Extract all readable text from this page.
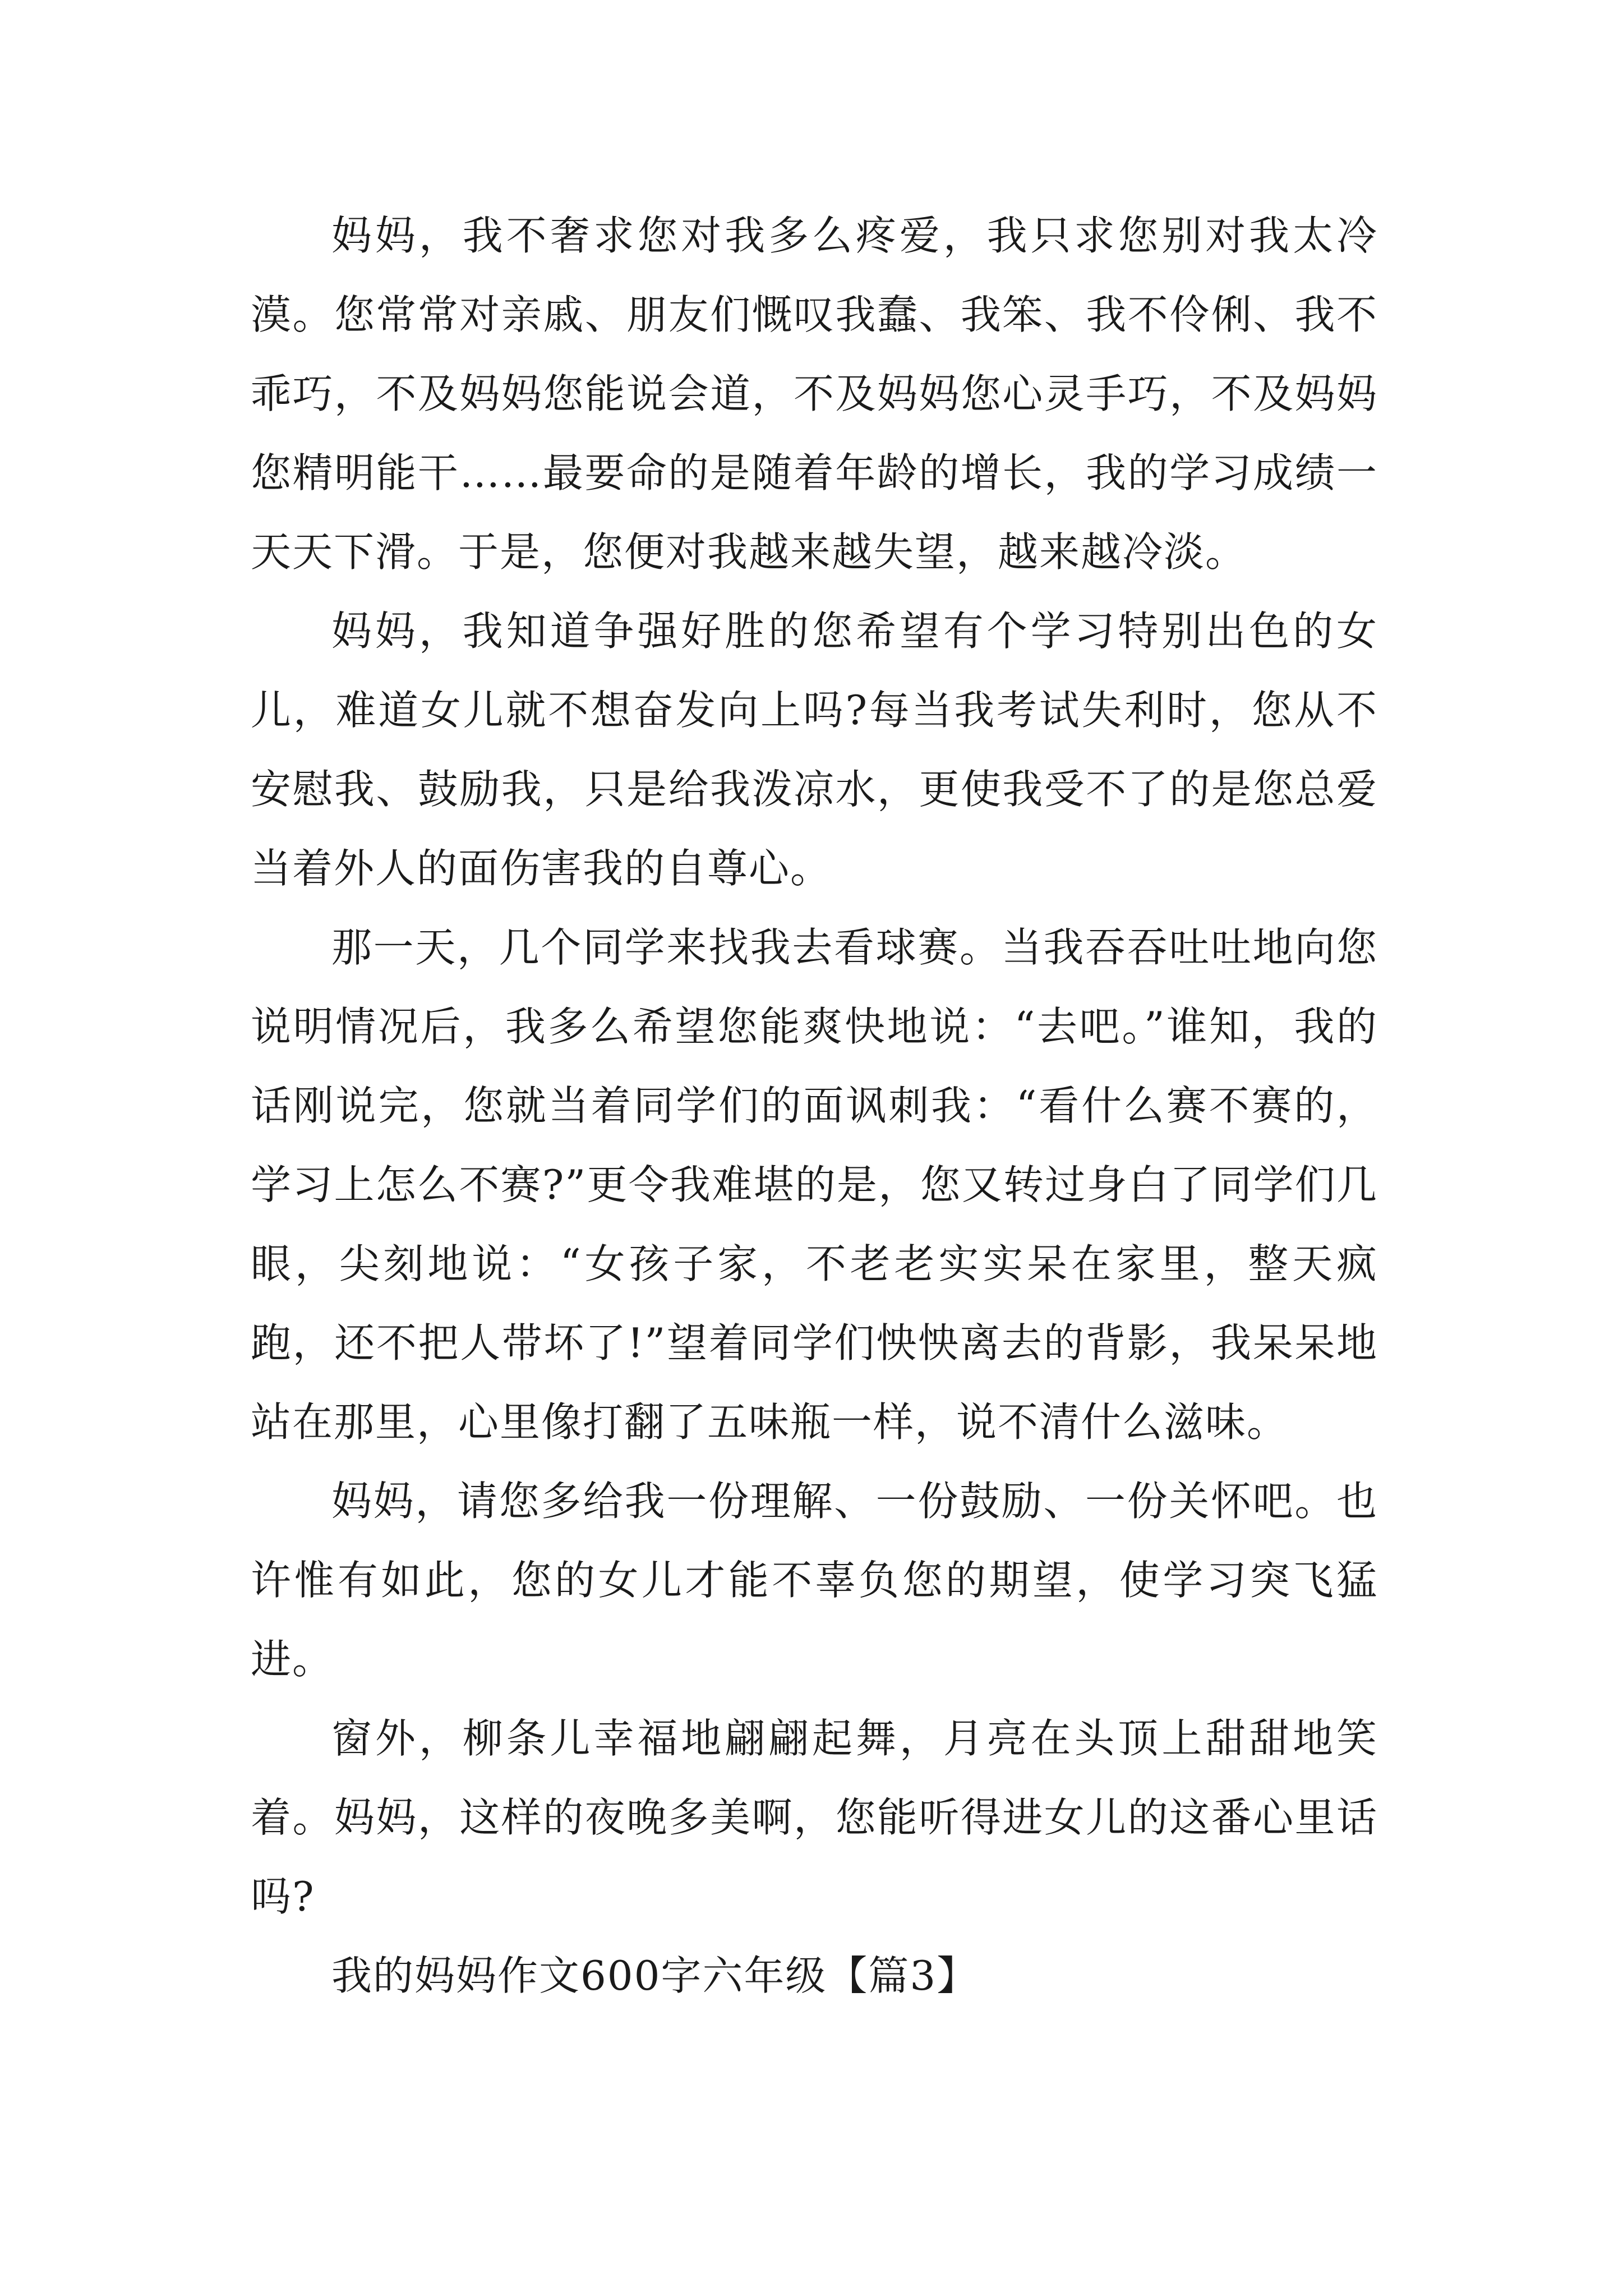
妈妈，我不奢求您对我多么疼爱，我只求您别对我太冷漠。您常常对亲戚、朋友们慨叹我蠢、我笨、我不伶俐、我不乖巧，不及妈妈您能说会道，不及妈妈您心灵手巧，不及妈妈您精明能干……最要命的是随着年龄的增长，我的学习成绩一天天下滑。于是，您便对我越来越失望，越来越冷淡。

妈妈，我知道争强好胜的您希望有个学习特别出色的女儿，难道女儿就不想奋发向上吗?每当我考试失利时，您从不安慰我、鼓励我，只是给我泼凉水，更使我受不了的是您总爱当着外人的面伤害我的自尊心。

那一天，几个同学来找我去看球赛。当我吞吞吐吐地向您说明情况后，我多么希望您能爽快地说：“去吧。”谁知，我的话刚说完，您就当着同学们的面讽刺我：“看什么赛不赛的，学习上怎么不赛?”更令我难堪的是，您又转过身白了同学们几眼，尖刻地说：“女孩子家，不老老实实呆在家里，整天疯跑，还不把人带坏了!”望着同学们怏怏离去的背影，我呆呆地站在那里，心里像打翻了五味瓶一样，说不清什么滋味。

妈妈，请您多给我一份理解、一份鼓励、一份关怀吧。也许惟有如此，您的女儿才能不辜负您的期望，使学习突飞猛进。

窗外，柳条儿幸福地翩翩起舞，月亮在头顶上甜甜地笑着。妈妈，这样的夜晚多美啊，您能听得进女儿的这番心里话吗?

我的妈妈作文600字六年级【篇3】
